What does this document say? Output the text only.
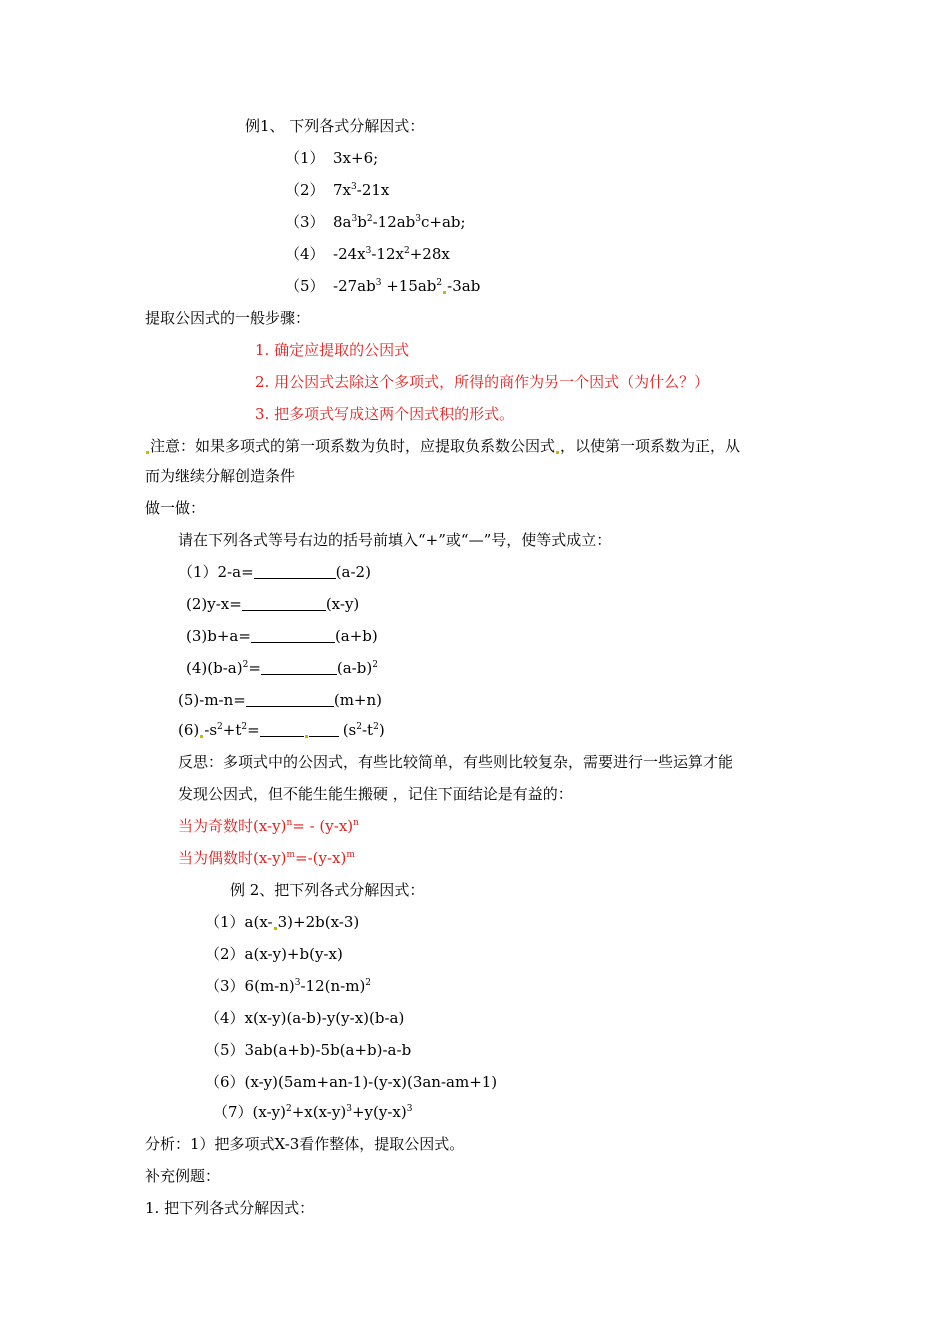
例1、 下列各式分解因式：
（1） 3x+6;
（2） $7x^3-21x$
（3） $8a^3b^2-12ab^3c+ab$;
（4） $-24x^3-12x^2+28x$
（5） $-27ab^3 +15ab^2$ -3ab
提取公因式的一般步骤：
1. 确定应提取的公因式
2. 用公因式去除这个多项式，所得的商作为另一个因式（为什么？）
3. 把多项式写成这两个因式积的形式。
注意：如果多项式的第一项系数为负时，应提取负系数公因式 ，以使第一项系数为正，从
而为继续分解创造条件
做一做：
请在下列各式等号右边的括号前填入“+”或“—”号，使等式成立：
（1）2-a=	(a-2)
(2)y-x=	(x-y)
(3)b+a=	(a+b)
$(4)(b-a)^2=$	$(a-b)^2$
(5)-m-n=	(m+n)
(6) $-s^2+t^2=$	$(s^2-t^2)$
反思：多项式中的公因式，有些比较简单，有些则比较复杂，需要进行一些运算才能
发现公因式，但不能生能生搬硬 ，记住下面结论是有益的：
当为奇数时$(x-y)^n= - (y-x)^n$
当为偶数时$(x-y)^m=-(y-x)^m$
例 2、把下列各式分解因式：
（1）a(x- 3)+2b(x-3)
（2）a(x-y)+b(y-x)
$(3)6(m-n)^3-12(n-m)^2$
（4）x(x-y)(a-b)-y(y-x)(b-a)
（5）3ab(a+b)-5b(a+b)-a-b
（6）(x-y)(5am+an-1)-(y-x)(3an-am+1)
$(7)(x-y)^2+x(x-y)^3+y(y-x)^3$
分析：1）把多项式X-3看作整体，提取公因式。
补充例题：
1. 把下列各式分解因式：
